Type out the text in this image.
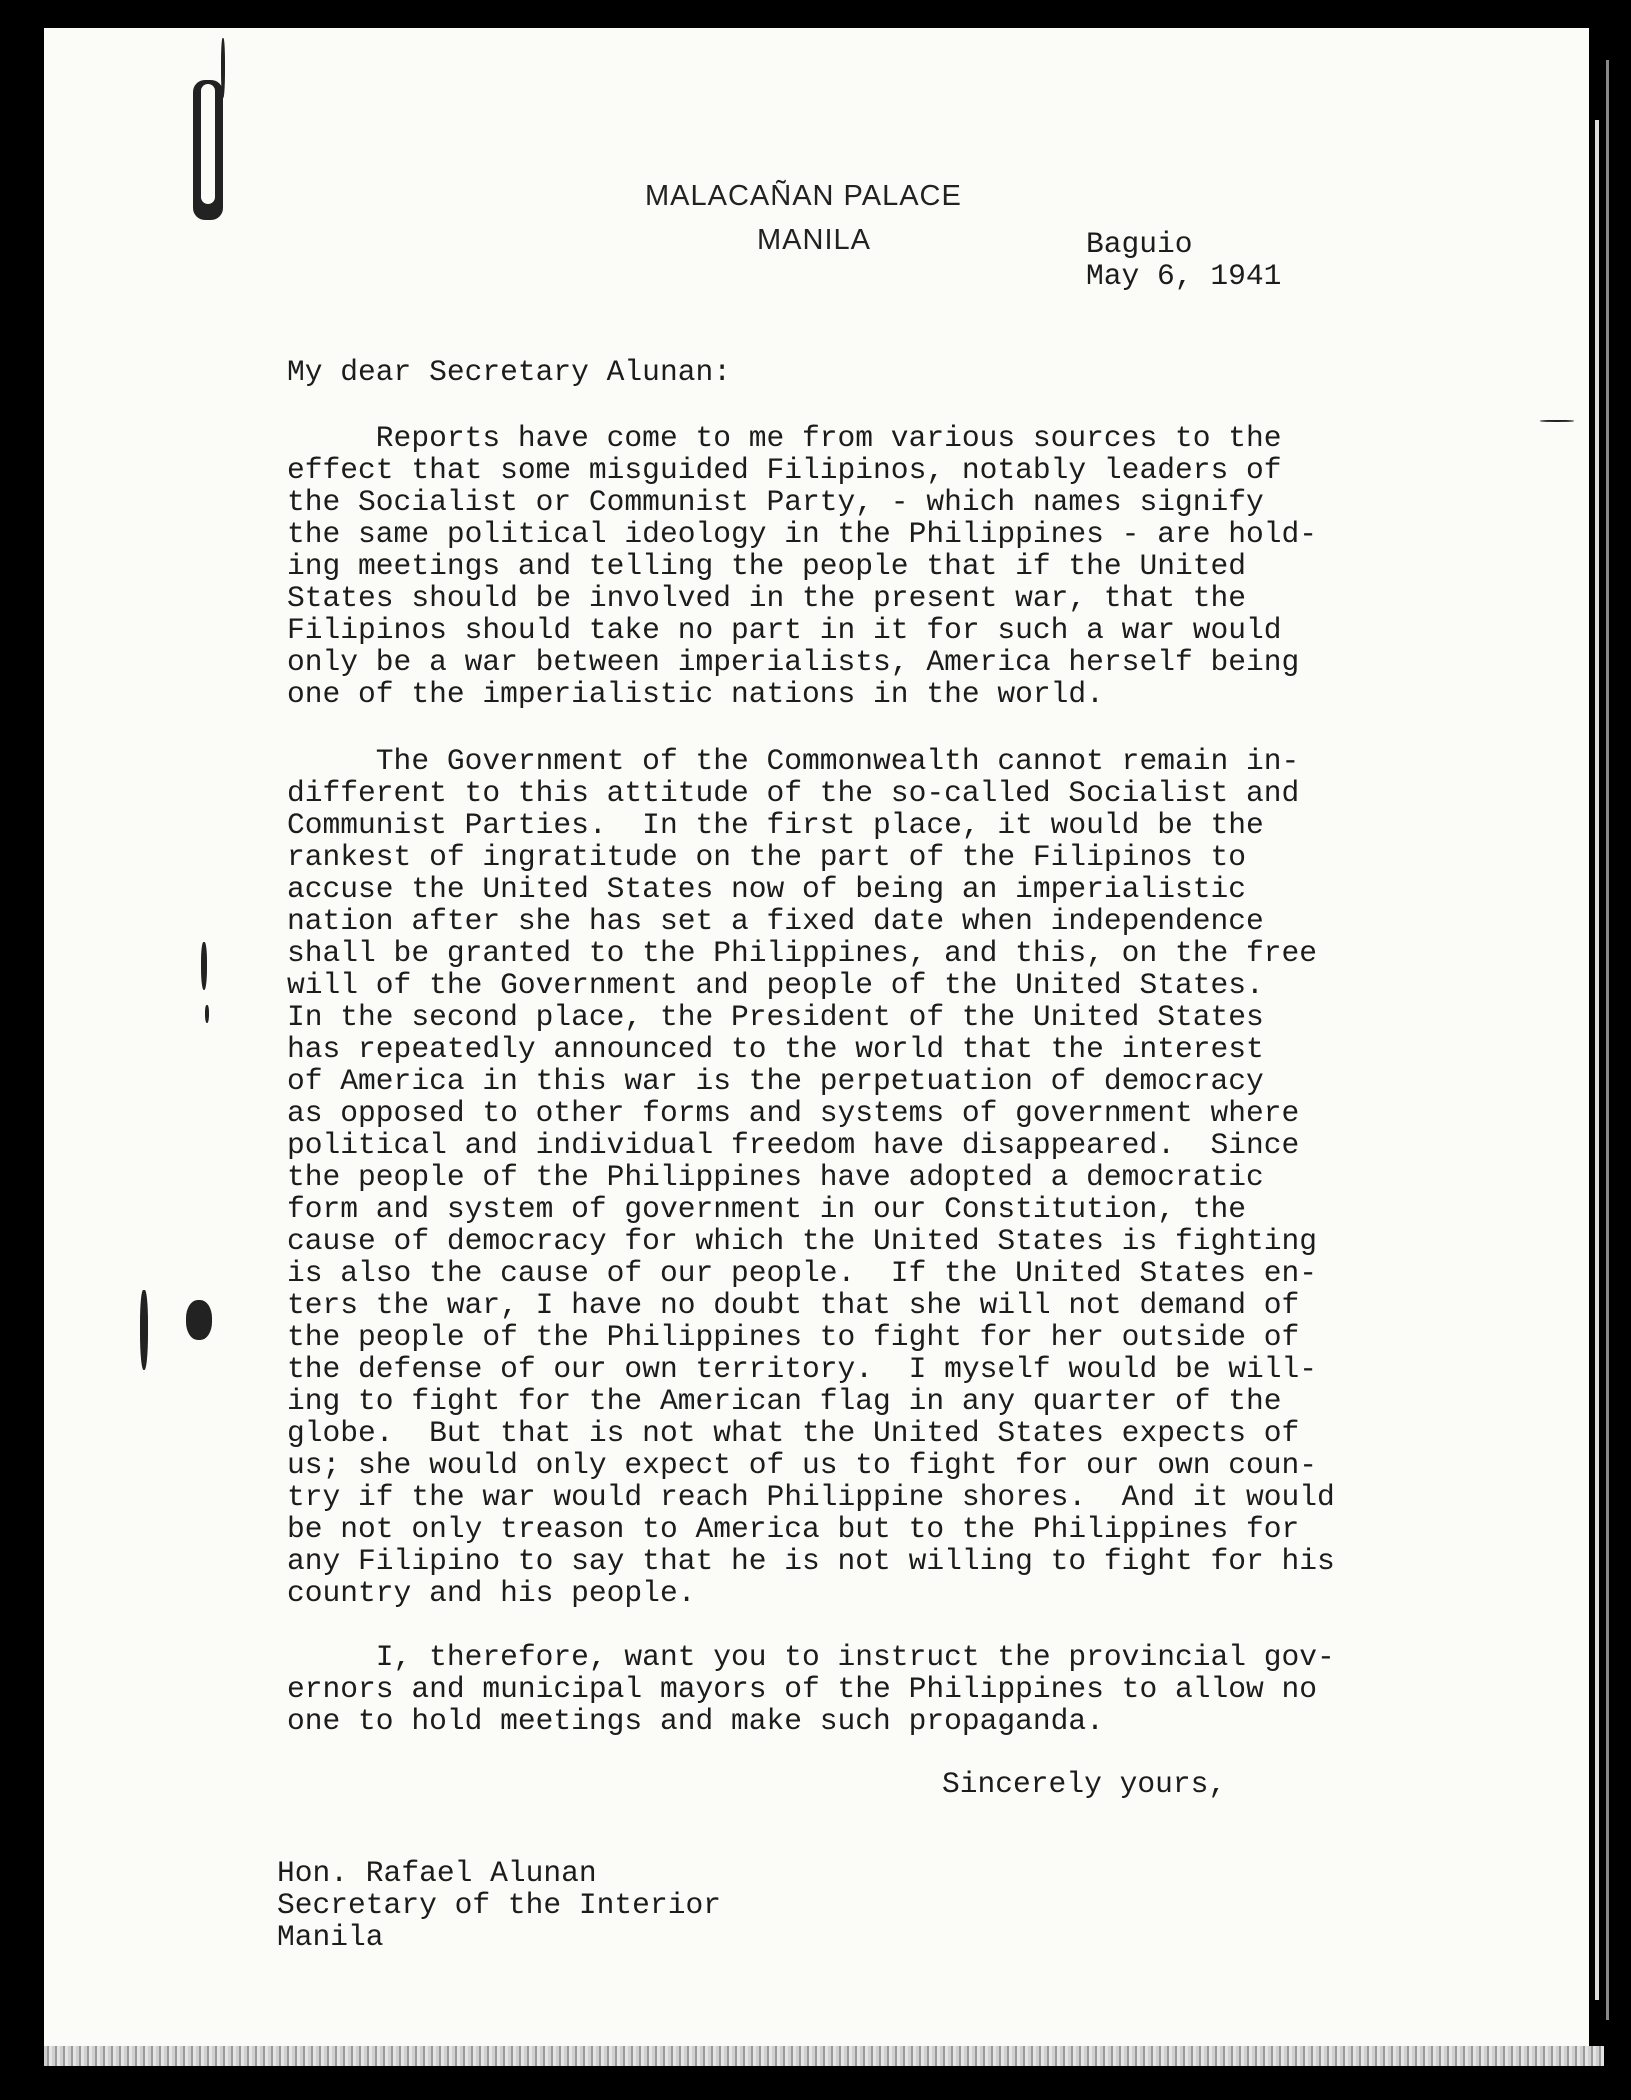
MALACAÑAN PALACE
MANILA	Baguio
May 6, 1941
My dear Secretary Alunan:
Reports have come to me from various sources to the
effect that some misguided Filipinos, notably leaders of
the Socialist or Communist Party, - which names signify
the same political ideology in the Philippines - are hold-
ing meetings and telling the people that if the United
States should be involved in the present war, that the
Filipinos should take no part in it for such a war would
only be a war between imperialists, America herself being
one of the imperialistic nations in the world.
The Government of the Commonwealth cannot remain in-
different to this attitude of the so-called Socialist and
Communist Parties.  In the first place, it would be the
rankest of ingratitude on the part of the Filipinos to
accuse the United States now of being an imperialistic
nation after she has set a fixed date when independence
shall be granted to the Philippines, and this, on the free
will of the Government and people of the United States.
In the second place, the President of the United States
has repeatedly announced to the world that the interest
of America in this war is the perpetuation of democracy
as opposed to other forms and systems of government where
political and individual freedom have disappeared.  Since
the people of the Philippines have adopted a democratic
form and system of government in our Constitution, the
cause of democracy for which the United States is fighting
is also the cause of our people.  If the United States en-
ters the war, I have no doubt that she will not demand of
the people of the Philippines to fight for her outside of
the defense of our own territory.  I myself would be will-
ing to fight for the American flag in any quarter of the
globe.  But that is not what the United States expects of
us; she would only expect of us to fight for our own coun-
try if the war would reach Philippine shores.  And it would
be not only treason to America but to the Philippines for
any Filipino to say that he is not willing to fight for his
country and his people.
I, therefore, want you to instruct the provincial gov-
ernors and municipal mayors of the Philippines to allow no
one to hold meetings and make such propaganda.
Sincerely yours,
Hon. Rafael Alunan
Secretary of the Interior
Manila
